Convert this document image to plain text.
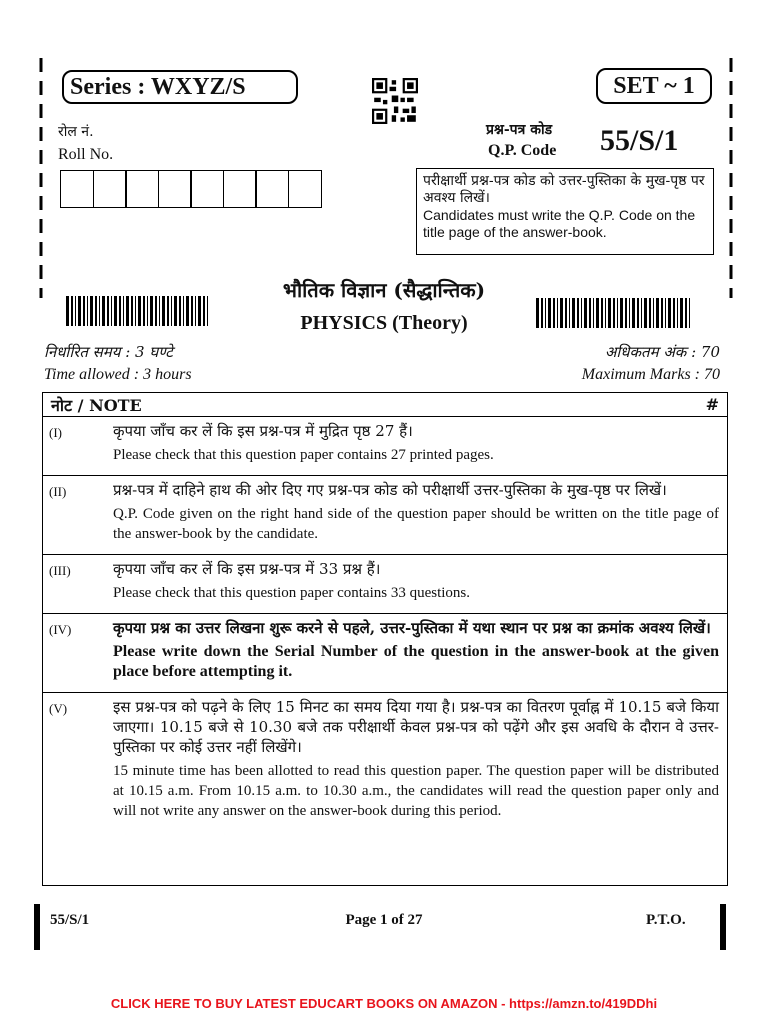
Series : WXYZ/S	SET ~ 1
रोल नं.
Roll No.
प्रश्न-पत्र कोड
Q.P. Code 55/S/1
परीक्षार्थी प्रश्न-पत्र कोड को उत्तर-पुस्तिका के मुख-पृष्ठ पर अवश्य लिखें।
Candidates must write the Q.P. Code on the title page of the answer-book.
भौतिक विज्ञान (सैद्धान्तिक)
PHYSICS (Theory)
निर्धारित समय : 3 घण्टे
Time allowed : 3 hours
अधिकतम अंक : 70
Maximum Marks : 70
नोट / NOTE	#
(I)	कृपया जाँच कर लें कि इस प्रश्न-पत्र में मुद्रित पृष्ठ 27 हैं।

Please check that this question paper contains 27 printed pages.

(II)	प्रश्न-पत्र में दाहिने हाथ की ओर दिए गए प्रश्न-पत्र कोड को परीक्षार्थी उत्तर-पुस्तिका के मुख-पृष्ठ पर लिखें।

Q.P. Code given on the right hand side of the question paper should be written on the title page of the answer-book by the candidate.

(III)	कृपया जाँच कर लें कि इस प्रश्न-पत्र में 33 प्रश्न हैं।

Please check that this question paper contains 33 questions.

(IV)	कृपया प्रश्न का उत्तर लिखना शुरू करने से पहले, उत्तर-पुस्तिका में यथा स्थान पर प्रश्न का क्रमांक अवश्य लिखें।

Please write down the Serial Number of the question in the answer-book at the given place before attempting it.

(V)	इस प्रश्न-पत्र को पढ़ने के लिए 15 मिनट का समय दिया गया है। प्रश्न-पत्र का वितरण पूर्वाह्न में 10.15 बजे किया जाएगा। 10.15 बजे से 10.30 बजे तक परीक्षार्थी केवल प्रश्न-पत्र को पढ़ेंगे और इस अवधि के दौरान वे उत्तर-पुस्तिका पर कोई उत्तर नहीं लिखेंगे।

15 minute time has been allotted to read this question paper. The question paper will be distributed at 10.15 a.m. From 10.15 a.m. to 10.30 a.m., the candidates will read the question paper only and will not write any answer on the answer-book during this period.

55/S/1	Page 1 of 27	P.T.O.
CLICK HERE TO BUY LATEST EDUCART BOOKS ON AMAZON - https://amzn.to/419DDhi
